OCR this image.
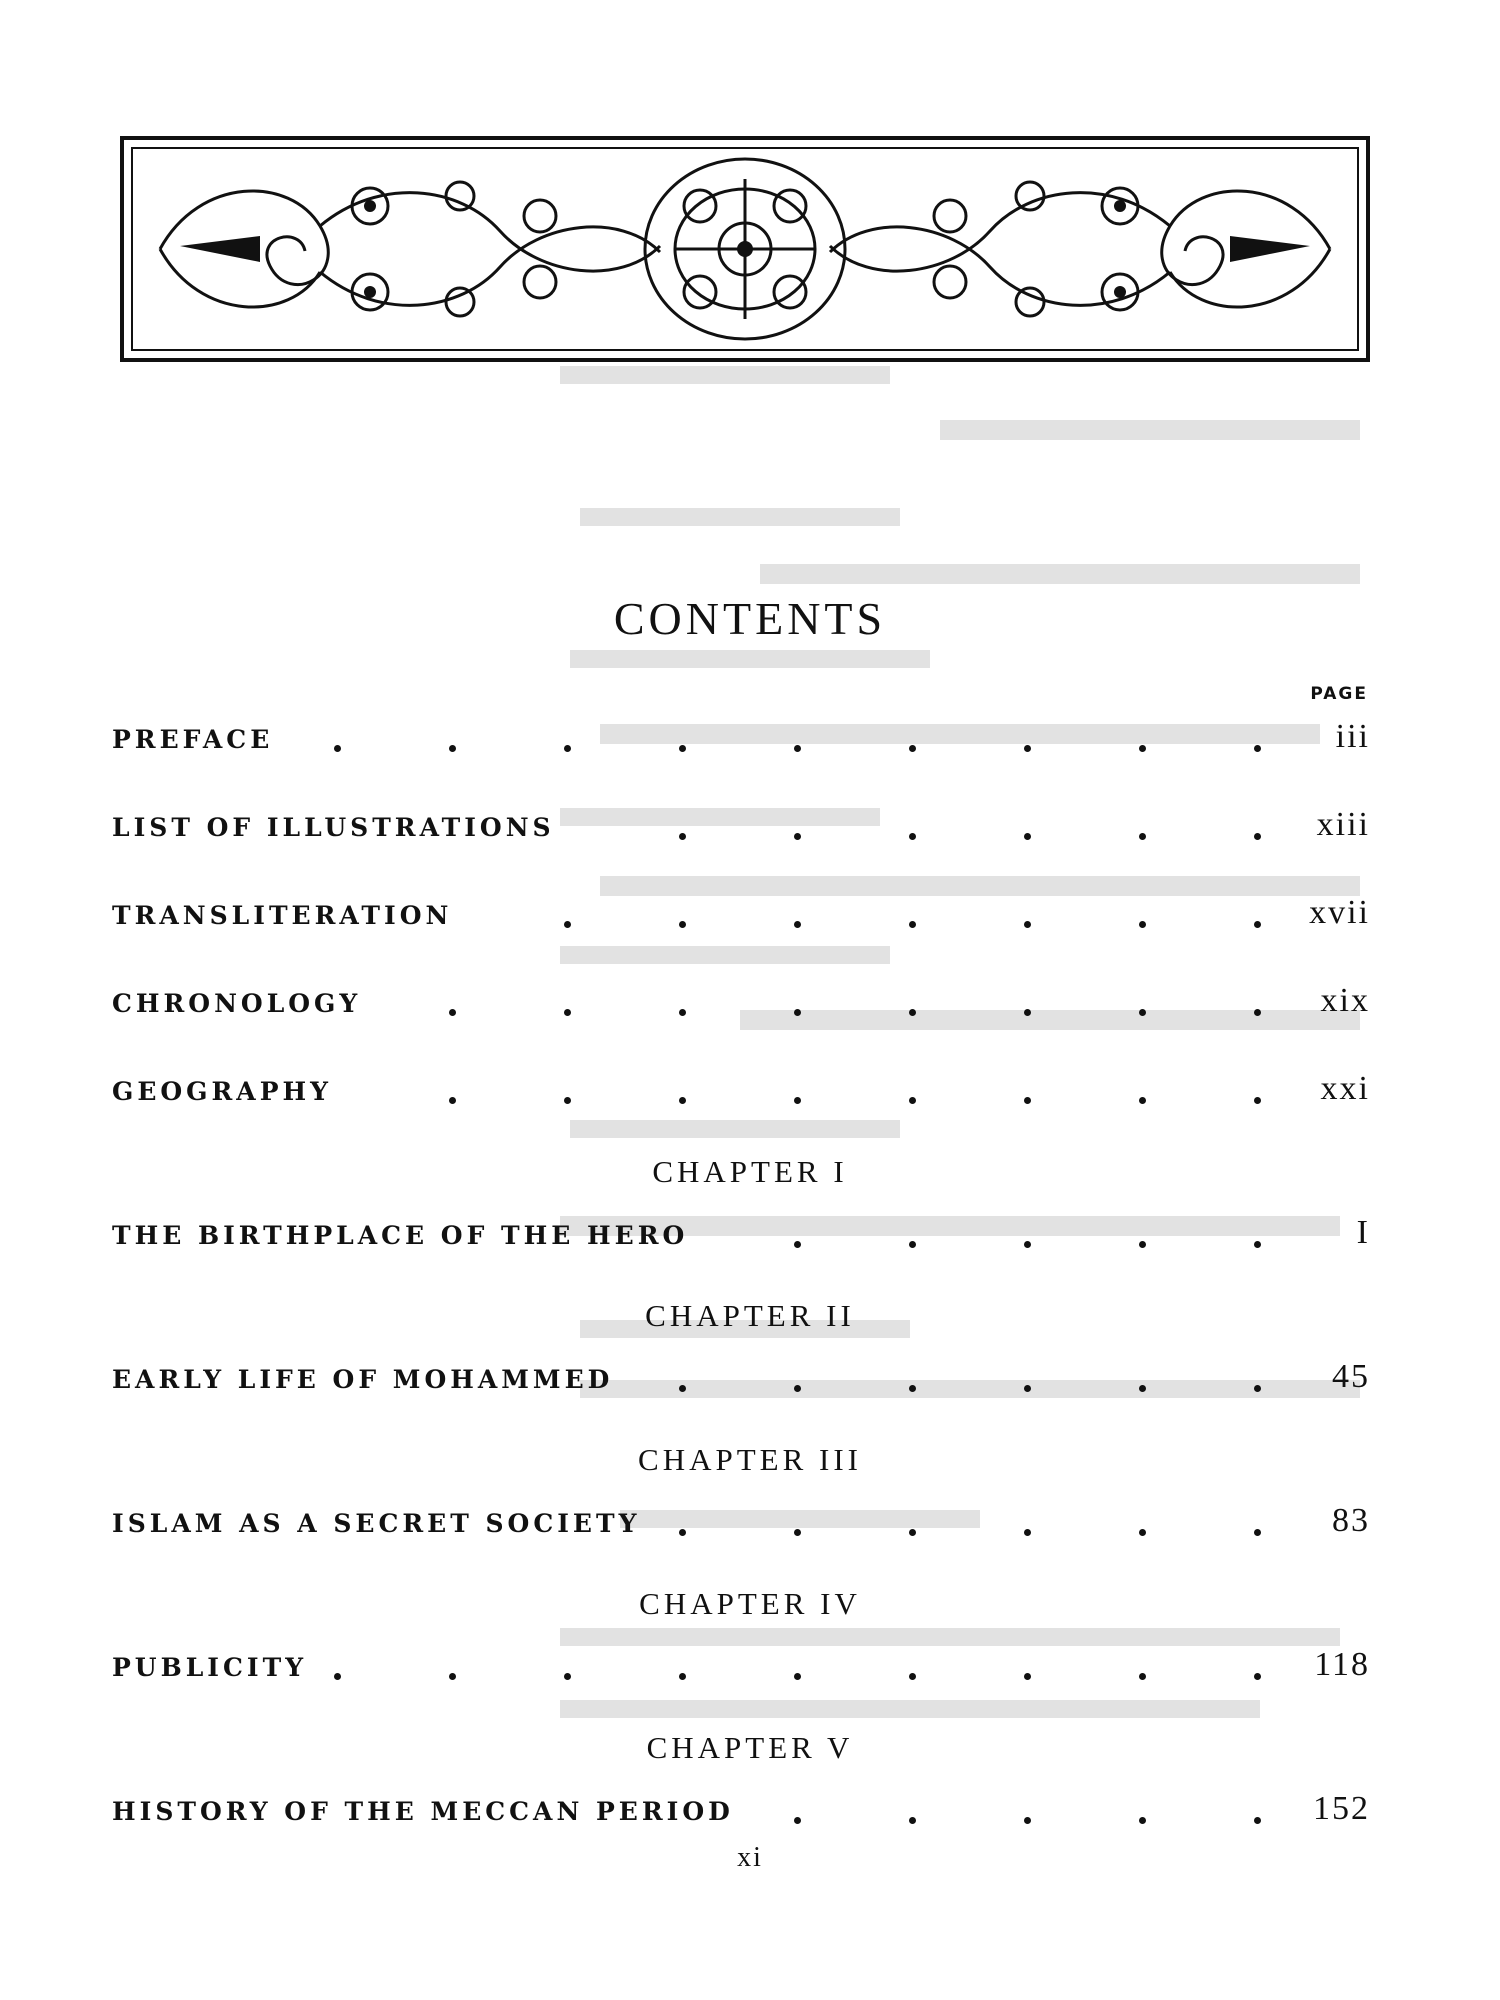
CONTENTS
PAGE
PREFACE	iii
LIST OF ILLUSTRATIONS	xiii
TRANSLITERATION	xvii
CHRONOLOGY	xix
GEOGRAPHY	xxi
CHAPTER I
THE BIRTHPLACE OF THE HERO	I
CHAPTER II
EARLY LIFE OF MOHAMMED	45
CHAPTER III
ISLAM AS A SECRET SOCIETY	83
CHAPTER IV
PUBLICITY	118
CHAPTER V
HISTORY OF THE MECCAN PERIOD	152
xi
